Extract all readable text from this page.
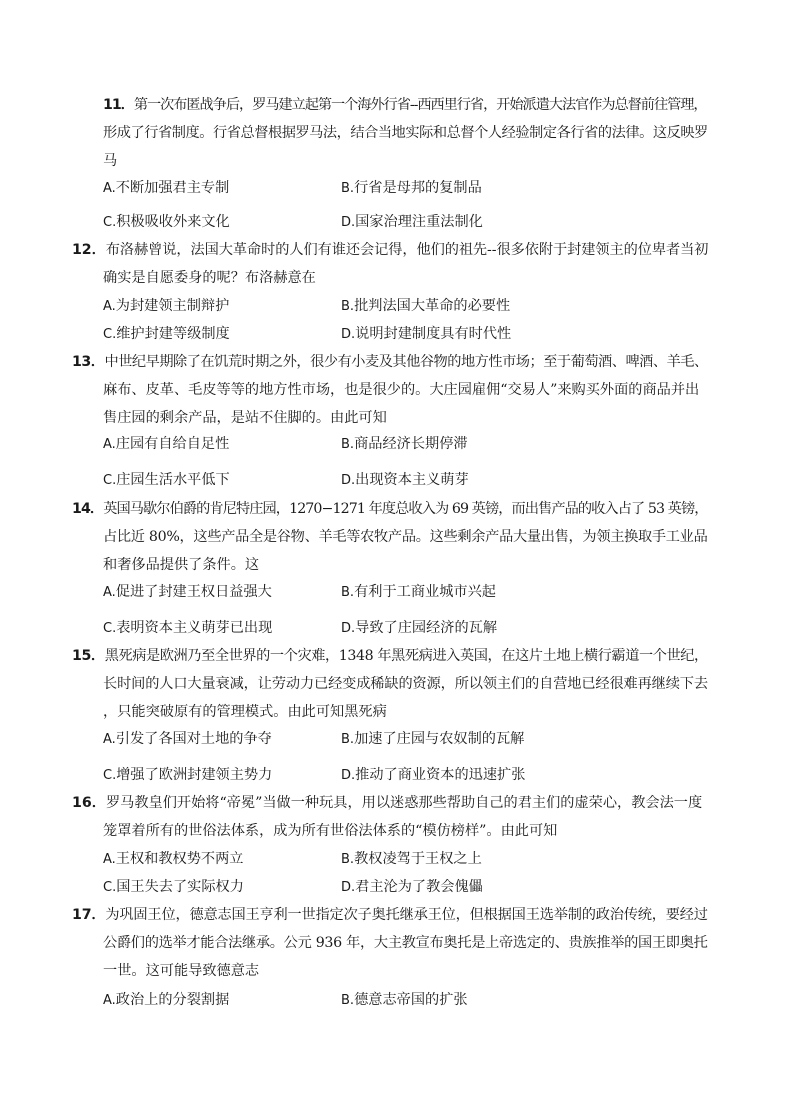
11．第一次布匿战争后，罗马建立起第一个海外行省--西西里行省，开始派遣大法官作为总督前往管理，
形成了行省制度。行省总督根据罗马法，结合当地实际和总督个人经验制定各行省的法律。这反映罗
马
A.不断加强君主专制	B.行省是母邦的复制品
C.积极吸收外来文化	D.国家治理注重法制化
12．布洛赫曾说，法国大革命时的人们有谁还会记得，他们的祖先--很多依附于封建领主的位卑者当初
确实是自愿委身的呢？布洛赫意在
A.为封建领主制辩护	B.批判法国大革命的必要性
C.维护封建等级制度	D.说明封建制度具有时代性
13．中世纪早期除了在饥荒时期之外，很少有小麦及其他谷物的地方性市场；至于葡萄酒、啤酒、羊毛、
麻布、皮革、毛皮等等的地方性市场，也是很少的。大庄园雇佣“交易人”来购买外面的商品并出
售庄园的剩余产品，是站不住脚的。由此可知
A.庄园有自给自足性	B.商品经济长期停滞
C.庄园生活水平低下	D.出现资本主义萌芽
14．英国马歇尔伯爵的肯尼特庄园，1270−1271 年度总收入为 69 英镑，而出售产品的收入占了 53 英镑，
占比近 80%，这些产品全是谷物、羊毛等农牧产品。这些剩余产品大量出售，为领主换取手工业品
和奢侈品提供了条件。这
A.促进了封建王权日益强大	B.有利于工商业城市兴起
C.表明资本主义萌芽已出现	D.导致了庄园经济的瓦解
15．黑死病是欧洲乃至全世界的一个灾难，1348 年黑死病进入英国，在这片土地上横行霸道一个世纪，
长时间的人口大量衰减，让劳动力已经变成稀缺的资源，所以领主们的自营地已经很难再继续下去
，只能突破原有的管理模式。由此可知黑死病
A.引发了各国对土地的争夺	B.加速了庄园与农奴制的瓦解
C.增强了欧洲封建领主势力	D.推动了商业资本的迅速扩张
16．罗马教皇们开始将“帝冕”当做一种玩具，用以迷惑那些帮助自己的君主们的虚荣心，教会法一度
笼罩着所有的世俗法体系，成为所有世俗法体系的“模仿榜样”。由此可知
A.王权和教权势不两立	B.教权凌驾于王权之上
C.国王失去了实际权力	D.君主沦为了教会傀儡
17．为巩固王位，德意志国王亨利一世指定次子奥托继承王位，但根据国王选举制的政治传统，要经过
公爵们的选举才能合法继承。公元 936 年，大主教宣布奥托是上帝选定的、贵族推举的国王即奥托
一世。这可能导致德意志
A.政治上的分裂割据	B.德意志帝国的扩张
